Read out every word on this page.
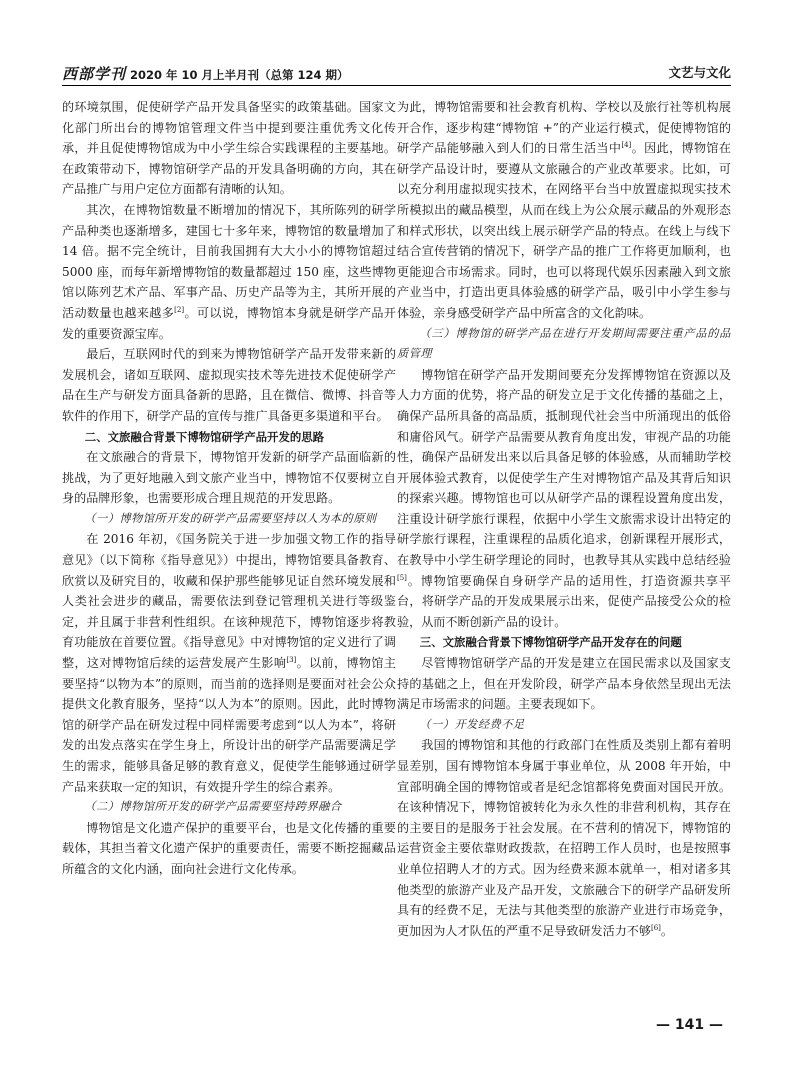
西部学刊 2020 年 10 月上半月刊（总第 124 期）	文艺与文化

的环境氛围，促使研学产品开发具备坚实的政策基础。国家文化部门所出台的博物馆管理文件当中提到要注重优秀文化传承，并且促使博物馆成为中小学生综合实践课程的主要基地。在政策带动下，博物馆研学产品的开发具备明确的方向，其在产品推广与用户定位方面都有清晰的认知。

其次，在博物馆数量不断增加的情况下，其所陈列的研学产品种类也逐渐增多，建国七十多年来，博物馆的数量增加了 14 倍。据不完全统计，目前我国拥有大大小小的博物馆超过 5000 座，而每年新增博物馆的数量都超过 150 座，这些博物馆以陈列艺术产品、军事产品、历史产品等为主，其所开展的活动数量也越来越多[2]。可以说，博物馆本身就是研学产品开发的重要资源宝库。

最后，互联网时代的到来为博物馆研学产品开发带来新的发展机会，诸如互联网、虚拟现实技术等先进技术促使研学产品在生产与研发方面具备新的思路，且在微信、微博、抖音等软件的作用下，研学产品的宣传与推广具备更多渠道和平台。

二、文旅融合背景下博物馆研学产品开发的思路

在文旅融合的背景下，博物馆开发新的研学产品面临新的挑战，为了更好地融入到文旅产业当中，博物馆不仅要树立自身的品牌形象，也需要形成合理且规范的开发思路。

（一）博物馆所开发的研学产品需要坚持以人为本的原则

在 2016 年初，《国务院关于进一步加强文物工作的指导意见》（以下简称《指导意见》）中提出，博物馆要具备教育、欣赏以及研究目的，收藏和保护那些能够见证自然环境发展和人类社会进步的藏品，需要依法到登记管理机关进行等级鉴定，并且属于非营利性组织。在该种规范下，博物馆逐步将教育功能放在首要位置。《指导意见》中对博物馆的定义进行了调整，这对博物馆后续的运营发展产生影响[3]。以前，博物馆主要坚持“以物为本”的原则，而当前的选择则是要面对社会公众提供文化教育服务，坚持“以人为本”的原则。因此，此时博物馆的研学产品在研发过程中同样需要考虑到“以人为本”，将研发的出发点落实在学生身上，所设计出的研学产品需要满足学生的需求，能够具备足够的教育意义，促使学生能够通过研学产品来获取一定的知识，有效提升学生的综合素养。

（二）博物馆所开发的研学产品需要坚持跨界融合

博物馆是文化遗产保护的重要平台，也是文化传播的重要载体，其担当着文化遗产保护的重要责任，需要不断挖掘藏品所蕴含的文化内涵，面向社会进行文化传承。

为此，博物馆需要和社会教育机构、学校以及旅行社等机构展开合作，逐步构建“博物馆 +”的产业运行模式，促使博物馆的研学产品能够融入到人们的日常生活当中[4]。因此，博物馆在研学产品设计时，要遵从文旅融合的产业改革要求。比如，可以充分利用虚拟现实技术，在网络平台当中放置虚拟现实技术所模拟出的藏品模型，从而在线上为公众展示藏品的外观形态和样式形状，以突出线上展示研学产品的特点。在线上与线下结合宣传营销的情况下，研学产品的推广工作将更加顺利，也更能迎合市场需求。同时，也可以将现代娱乐因素融入到文旅产业当中，打造出更具体验感的研学产品，吸引中小学生参与体验，亲身感受研学产品中所富含的文化韵味。

（三）博物馆的研学产品在进行开发期间需要注重产品的品质管理

博物馆在研学产品开发期间要充分发挥博物馆在资源以及人力方面的优势，将产品的研发立足于文化传播的基础之上，确保产品所具备的高品质，抵制现代社会当中所涌现出的低俗和庸俗风气。研学产品需要从教育角度出发，审视产品的功能性，确保产品研发出来以后具备足够的体验感，从而辅助学校开展体验式教育，以促使学生产生对博物馆产品及其背后知识的探索兴趣。博物馆也可以从研学产品的课程设置角度出发，注重设计研学旅行课程，依据中小学生文旅需求设计出特定的研学旅行课程，注重课程的品质化追求，创新课程开展形式，在教导中小学生研学理论的同时，也教导其从实践中总结经验[5]。博物馆要确保自身研学产品的适用性，打造资源共享平台，将研学产品的开发成果展示出来，促使产品接受公众的检验，从而不断创新产品的设计。

三、文旅融合背景下博物馆研学产品开发存在的问题

尽管博物馆研学产品的开发是建立在国民需求以及国家支持的基础之上，但在开发阶段，研学产品本身依然呈现出无法满足市场需求的问题。主要表现如下。

（一）开发经费不足

我国的博物馆和其他的行政部门在性质及类别上都有着明显差别，国有博物馆本身属于事业单位，从 2008 年开始，中宣部明确全国的博物馆或者是纪念馆都将免费面对国民开放。在该种情况下，博物馆被转化为永久性的非营利机构，其存在的主要目的是服务于社会发展。在不营利的情况下，博物馆的运营资金主要依靠财政拨款，在招聘工作人员时，也是按照事业单位招聘人才的方式。因为经费来源本就单一，相对诸多其他类型的旅游产业及产品开发，文旅融合下的研学产品研发所具有的经费不足，无法与其他类型的旅游产业进行市场竞争，更加因为人才队伍的严重不足导致研发活力不够[6]。

— 141 —
